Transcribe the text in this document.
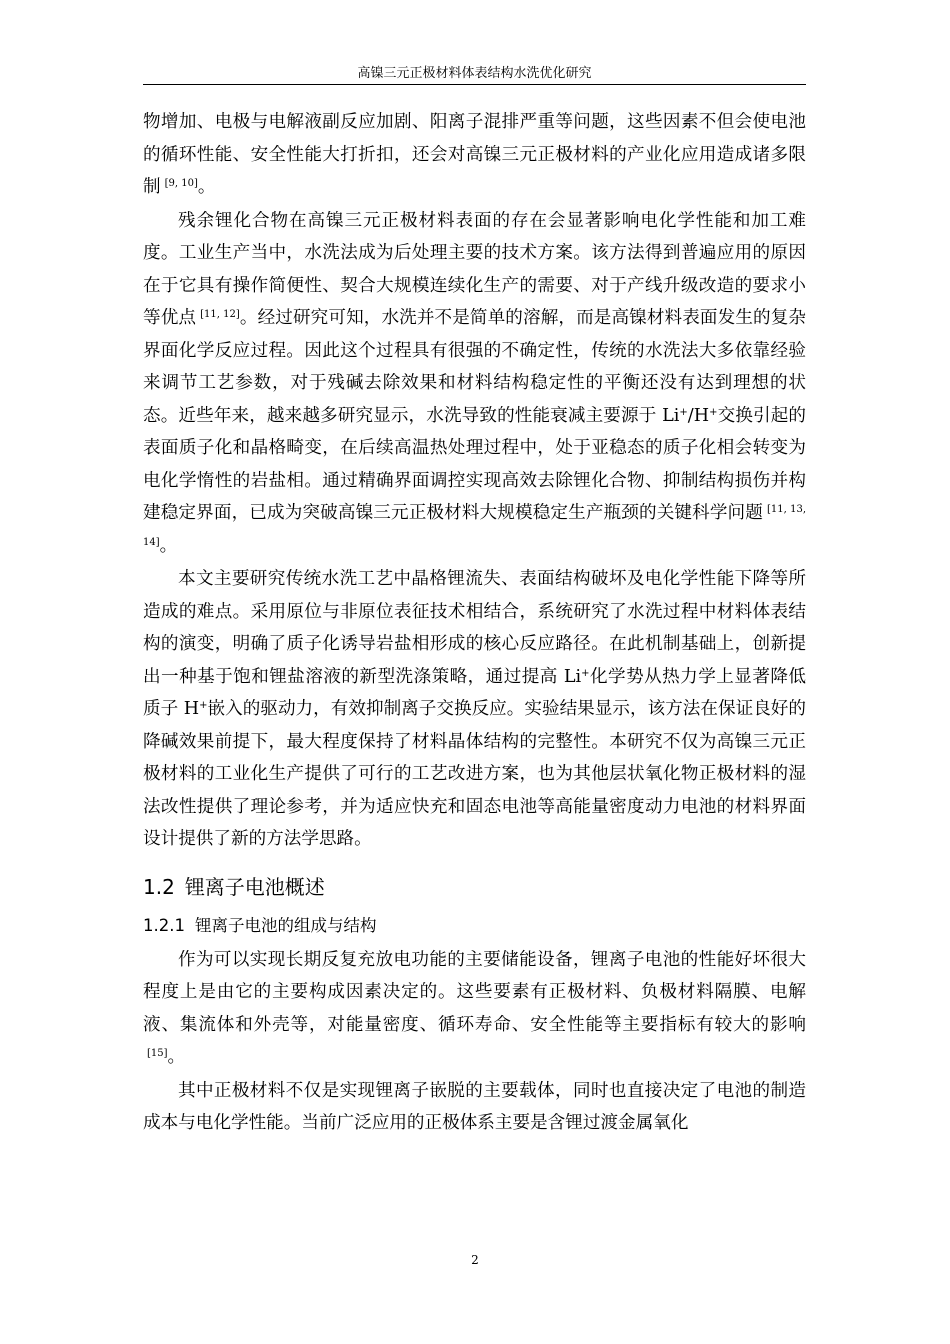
高镍三元正极材料体表结构水洗优化研究

物增加、电极与电解液副反应加剧、阳离子混排严重等问题，这些因素不但会使电池的循环性能、安全性能大打折扣，还会对高镍三元正极材料的产业化应用造成诸多限制 [9, 10]。

残余锂化合物在高镍三元正极材料表面的存在会显著影响电化学性能和加工难度。工业生产当中，水洗法成为后处理主要的技术方案。该方法得到普遍应用的原因在于它具有操作简便性、契合大规模连续化生产的需要、对于产线升级改造的要求小等优点 [11, 12]。经过研究可知，水洗并不是简单的溶解，而是高镍材料表面发生的复杂界面化学反应过程。因此这个过程具有很强的不确定性，传统的水洗法大多依靠经验来调节工艺参数，对于残碱去除效果和材料结构稳定性的平衡还没有达到理想的状态。近些年来，越来越多研究显示，水洗导致的性能衰减主要源于 Li+/H+交换引起的表面质子化和晶格畸变，在后续高温热处理过程中，处于亚稳态的质子化相会转变为电化学惰性的岩盐相。通过精确界面调控实现高效去除锂化合物、抑制结构损伤并构建稳定界面，已成为突破高镍三元正极材料大规模稳定生产瓶颈的关键科学问题 [11, 13, 14]。

本文主要研究传统水洗工艺中晶格锂流失、表面结构破坏及电化学性能下降等所造成的难点。采用原位与非原位表征技术相结合，系统研究了水洗过程中材料体表结构的演变，明确了质子化诱导岩盐相形成的核心反应路径。在此机制基础上，创新提出一种基于饱和锂盐溶液的新型洗涤策略，通过提高 Li+化学势从热力学上显著降低质子 H+嵌入的驱动力，有效抑制离子交换反应。实验结果显示，该方法在保证良好的降碱效果前提下，最大程度保持了材料晶体结构的完整性。本研究不仅为高镍三元正极材料的工业化生产提供了可行的工艺改进方案，也为其他层状氧化物正极材料的湿法改性提供了理论参考，并为适应快充和固态电池等高能量密度动力电池的材料界面设计提供了新的方法学思路。

1.2 锂离子电池概述
1.2.1 锂离子电池的组成与结构

作为可以实现长期反复充放电功能的主要储能设备，锂离子电池的性能好坏很大程度上是由它的主要构成因素决定的。这些要素有正极材料、负极材料隔膜、电解液、集流体和外壳等，对能量密度、循环寿命、安全性能等主要指标有较大的影响[15]。

其中正极材料不仅是实现锂离子嵌脱的主要载体，同时也直接决定了电池的制造成本与电化学性能。当前广泛应用的正极体系主要是含锂过渡金属氧化

2
